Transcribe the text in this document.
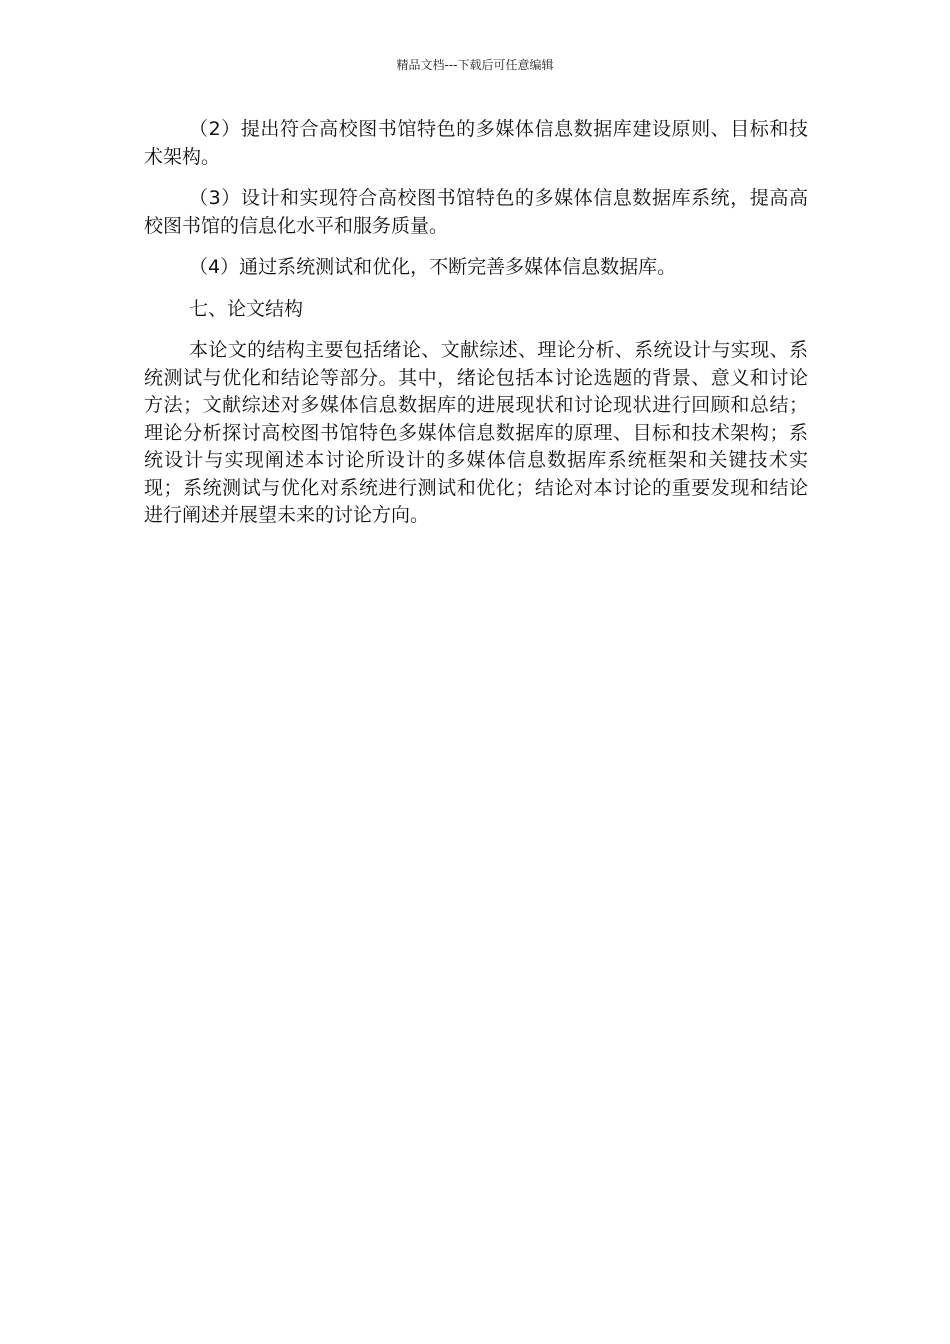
精品文档---下载后可任意编辑

（2）提出符合高校图书馆特色的多媒体信息数据库建设原则、目标和技术架构。

（3）设计和实现符合高校图书馆特色的多媒体信息数据库系统，提高高校图书馆的信息化水平和服务质量。

（4）通过系统测试和优化，不断完善多媒体信息数据库。

七、论文结构

本论文的结构主要包括绪论、文献综述、理论分析、系统设计与实现、系统测试与优化和结论等部分。其中，绪论包括本讨论选题的背景、意义和讨论方法；文献综述对多媒体信息数据库的进展现状和讨论现状进行回顾和总结；理论分析探讨高校图书馆特色多媒体信息数据库的原理、目标和技术架构；系统设计与实现阐述本讨论所设计的多媒体信息数据库系统框架和关键技术实现；系统测试与优化对系统进行测试和优化；结论对本讨论的重要发现和结论进行阐述并展望未来的讨论方向。
